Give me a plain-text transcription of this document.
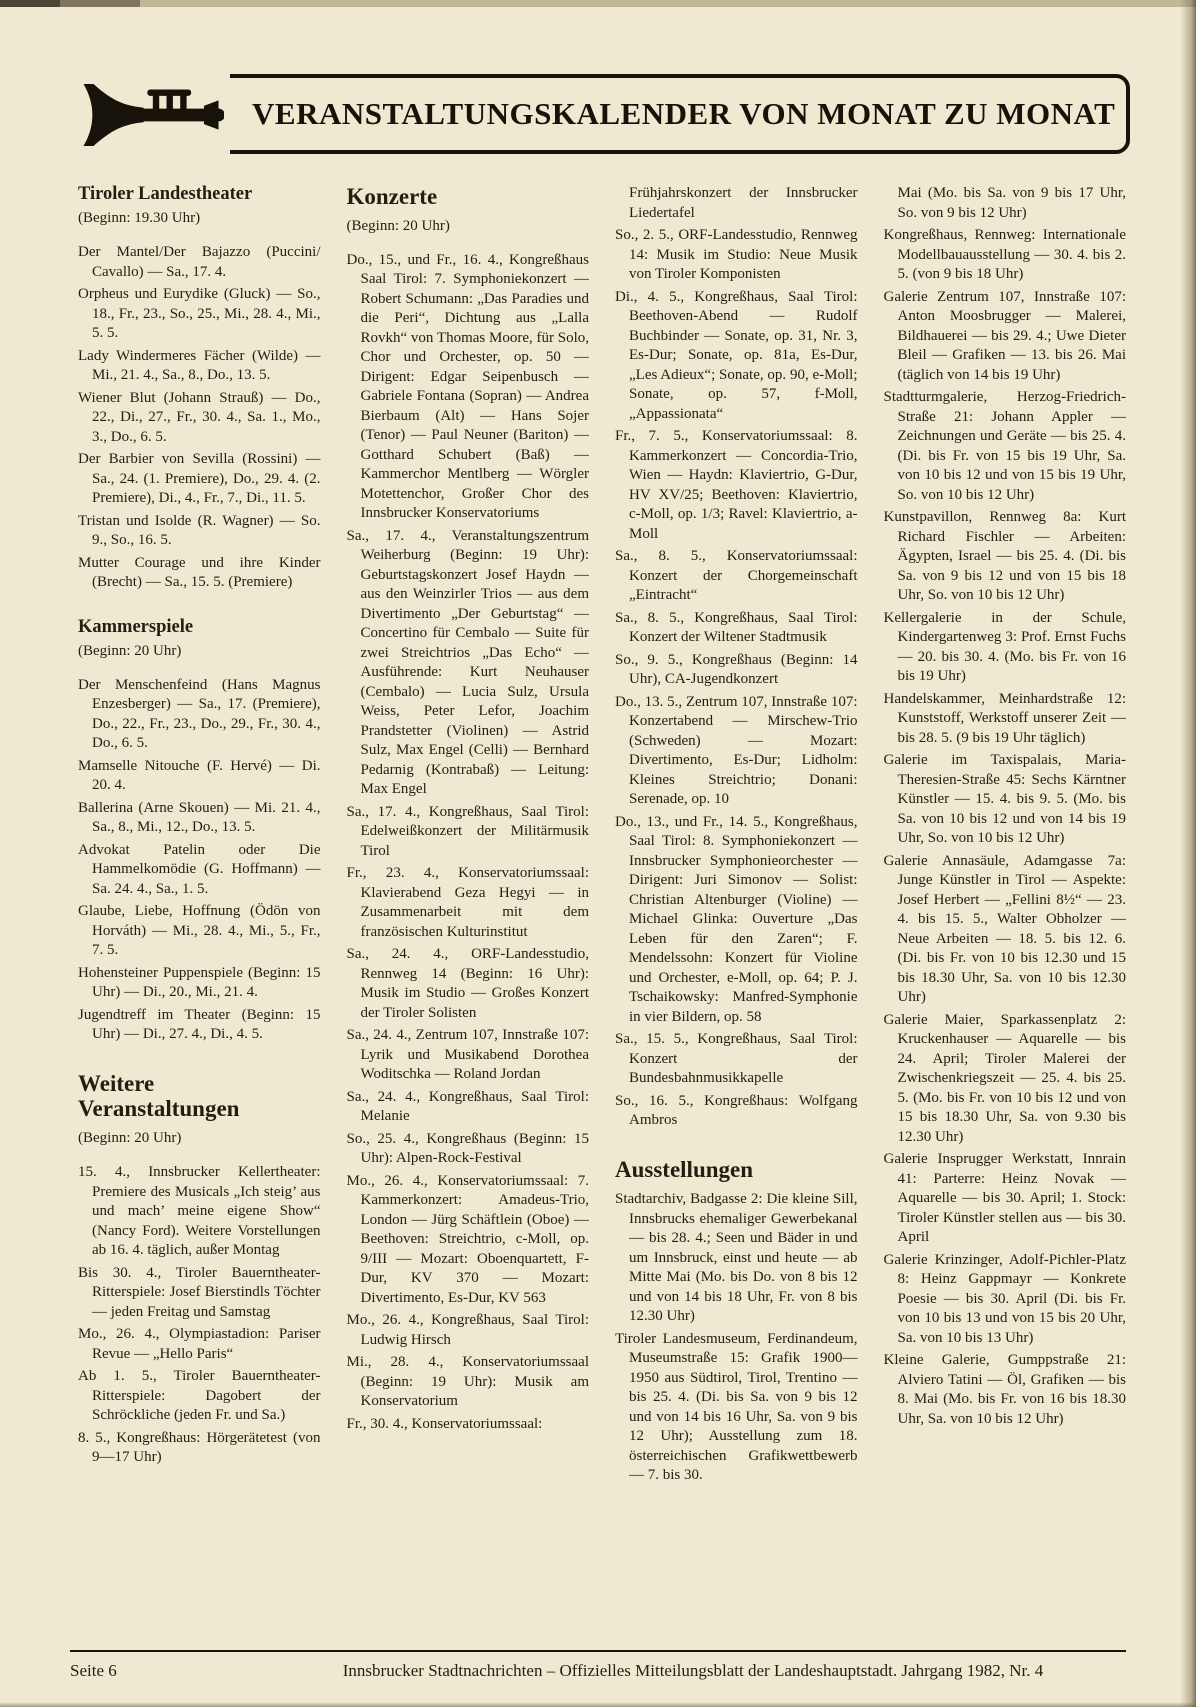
VERANSTALTUNGSKALENDER VON MONAT ZU MONAT
Tiroler Landestheater
(Beginn: 19.30 Uhr)

Der Mantel/Der Bajazzo (Puccini/ Cavallo) — Sa., 17. 4.

Orpheus und Eurydike (Gluck) — So., 18., Fr., 23., So., 25., Mi., 28. 4., Mi., 5. 5.

Lady Windermeres Fächer (Wilde) — Mi., 21. 4., Sa., 8., Do., 13. 5.

Wiener Blut (Johann Strauß) — Do., 22., Di., 27., Fr., 30. 4., Sa. 1., Mo., 3., Do., 6. 5.

Der Barbier von Sevilla (Rossini) — Sa., 24. (1. Premiere), Do., 29. 4. (2. Premiere), Di., 4., Fr., 7., Di., 11. 5.

Tristan und Isolde (R. Wagner) — So. 9., So., 16. 5.

Mutter Courage und ihre Kinder (Brecht) — Sa., 15. 5. (Premiere)

Kammerspiele
(Beginn: 20 Uhr)

Der Menschenfeind (Hans Magnus Enzesberger) — Sa., 17. (Premiere), Do., 22., Fr., 23., Do., 29., Fr., 30. 4., Do., 6. 5.

Mamselle Nitouche (F. Hervé) — Di. 20. 4.

Ballerina (Arne Skouen) — Mi. 21. 4., Sa., 8., Mi., 12., Do., 13. 5.

Advokat Patelin oder Die Hammelkomödie (G. Hoffmann) — Sa. 24. 4., Sa., 1. 5.

Glaube, Liebe, Hoffnung (Ödön von Horváth) — Mi., 28. 4., Mi., 5., Fr., 7. 5.

Hohensteiner Puppenspiele (Beginn: 15 Uhr) — Di., 20., Mi., 21. 4.

Jugendtreff im Theater (Beginn: 15 Uhr) — Di., 27. 4., Di., 4. 5.

Weitere Veranstaltungen
(Beginn: 20 Uhr)

15. 4., Innsbrucker Kellertheater: Premiere des Musicals „Ich steig’ aus und mach’ meine eigene Show“ (Nancy Ford). Weitere Vorstellungen ab 16. 4. täglich, außer Montag

Bis 30. 4., Tiroler Bauerntheater-Ritterspiele: Josef Bierstindls Töchter — jeden Freitag und Samstag

Mo., 26. 4., Olympiastadion: Pariser Revue — „Hello Paris“

Ab 1. 5., Tiroler Bauerntheater-Ritterspiele: Dagobert der Schröckliche (jeden Fr. und Sa.)

8. 5., Kongreßhaus: Hörgerätetest (von 9—17 Uhr)

Konzerte
(Beginn: 20 Uhr)

Do., 15., und Fr., 16. 4., Kongreßhaus Saal Tirol: 7. Symphoniekonzert — Robert Schumann: „Das Paradies und die Peri“, Dichtung aus „Lalla Rovkh“ von Thomas Moore, für Solo, Chor und Orchester, op. 50 — Dirigent: Edgar Seipenbusch — Gabriele Fontana (Sopran) — Andrea Bierbaum (Alt) — Hans Sojer (Tenor) — Paul Neuner (Bariton) — Gotthard Schubert (Baß) — Kammerchor Mentlberg — Wörgler Motettenchor, Großer Chor des Innsbrucker Konservatoriums

Sa., 17. 4., Veranstaltungszentrum Weiherburg (Beginn: 19 Uhr): Geburtstagskonzert Josef Haydn — aus den Weinzirler Trios — aus dem Divertimento „Der Geburtstag“ — Concertino für Cembalo — Suite für zwei Streichtrios „Das Echo“ — Ausführende: Kurt Neuhauser (Cembalo) — Lucia Sulz, Ursula Weiss, Peter Lefor, Joachim Prandstetter (Violinen) — Astrid Sulz, Max Engel (Celli) — Bernhard Pedarnig (Kontrabaß) — Leitung: Max Engel

Sa., 17. 4., Kongreßhaus, Saal Tirol: Edelweißkonzert der Militärmusik Tirol

Fr., 23. 4., Konservatoriumssaal: Klavierabend Geza Hegyi — in Zusammenarbeit mit dem französischen Kulturinstitut

Sa., 24. 4., ORF-Landesstudio, Rennweg 14 (Beginn: 16 Uhr): Musik im Studio — Großes Konzert der Tiroler Solisten

Sa., 24. 4., Zentrum 107, Innstraße 107: Lyrik und Musikabend Dorothea Woditschka — Roland Jordan

Sa., 24. 4., Kongreßhaus, Saal Tirol: Melanie

So., 25. 4., Kongreßhaus (Beginn: 15 Uhr): Alpen-Rock-Festival

Mo., 26. 4., Konservatoriumssaal: 7. Kammerkonzert: Amadeus-Trio, London — Jürg Schäftlein (Oboe) — Beethoven: Streichtrio, c-Moll, op. 9/III — Mozart: Oboenquartett, F-Dur, KV 370 — Mozart: Divertimento, Es-Dur, KV 563

Mo., 26. 4., Kongreßhaus, Saal Tirol: Ludwig Hirsch

Mi., 28. 4., Konservatoriumssaal (Beginn: 19 Uhr): Musik am Konservatorium

Fr., 30. 4., Konservatoriumssaal:

Frühjahrskonzert der Innsbrucker Liedertafel

So., 2. 5., ORF-Landesstudio, Rennweg 14: Musik im Studio: Neue Musik von Tiroler Komponisten

Di., 4. 5., Kongreßhaus, Saal Tirol: Beethoven-Abend — Rudolf Buchbinder — Sonate, op. 31, Nr. 3, Es-Dur; Sonate, op. 81a, Es-Dur, „Les Adieux“; Sonate, op. 90, e-Moll; Sonate, op. 57, f-Moll, „Appassionata“

Fr., 7. 5., Konservatoriumssaal: 8. Kammerkonzert — Concordia-Trio, Wien — Haydn: Klaviertrio, G-Dur, HV XV/25; Beethoven: Klaviertrio, c-Moll, op. 1/3; Ravel: Klaviertrio, a-Moll

Sa., 8. 5., Konservatoriumssaal: Konzert der Chorgemeinschaft „Eintracht“

Sa., 8. 5., Kongreßhaus, Saal Tirol: Konzert der Wiltener Stadtmusik

So., 9. 5., Kongreßhaus (Beginn: 14 Uhr), CA-Jugendkonzert

Do., 13. 5., Zentrum 107, Innstraße 107: Konzertabend — Mirschew-Trio (Schweden) — Mozart: Divertimento, Es-Dur; Lidholm: Kleines Streichtrio; Donani: Serenade, op. 10

Do., 13., und Fr., 14. 5., Kongreßhaus, Saal Tirol: 8. Symphoniekonzert — Innsbrucker Symphonieorchester — Dirigent: Juri Simonov — Solist: Christian Altenburger (Violine) — Michael Glinka: Ouverture „Das Leben für den Zaren“; F. Mendelssohn: Konzert für Violine und Orchester, e-Moll, op. 64; P. J. Tschaikowsky: Manfred-Symphonie in vier Bildern, op. 58

Sa., 15. 5., Kongreßhaus, Saal Tirol: Konzert der Bundesbahnmusikkapelle

So., 16. 5., Kongreßhaus: Wolfgang Ambros

Ausstellungen

Stadtarchiv, Badgasse 2: Die kleine Sill, Innsbrucks ehemaliger Gewerbekanal — bis 28. 4.; Seen und Bäder in und um Innsbruck, einst und heute — ab Mitte Mai (Mo. bis Do. von 8 bis 12 und von 14 bis 18 Uhr, Fr. von 8 bis 12.30 Uhr)

Tiroler Landesmuseum, Ferdinandeum, Museumstraße 15: Grafik 1900—1950 aus Südtirol, Tirol, Trentino — bis 25. 4. (Di. bis Sa. von 9 bis 12 und von 14 bis 16 Uhr, Sa. von 9 bis 12 Uhr); Ausstellung zum 18. österreichischen Grafikwettbewerb — 7. bis 30.

Mai (Mo. bis Sa. von 9 bis 17 Uhr, So. von 9 bis 12 Uhr)

Kongreßhaus, Rennweg: Internationale Modellbauausstellung — 30. 4. bis 2. 5. (von 9 bis 18 Uhr)

Galerie Zentrum 107, Innstraße 107: Anton Moosbrugger — Malerei, Bildhauerei — bis 29. 4.; Uwe Dieter Bleil — Grafiken — 13. bis 26. Mai (täglich von 14 bis 19 Uhr)

Stadtturmgalerie, Herzog-Friedrich-Straße 21: Johann Appler — Zeichnungen und Geräte — bis 25. 4. (Di. bis Fr. von 15 bis 19 Uhr, Sa. von 10 bis 12 und von 15 bis 19 Uhr, So. von 10 bis 12 Uhr)

Kunstpavillon, Rennweg 8a: Kurt Richard Fischler — Arbeiten: Ägypten, Israel — bis 25. 4. (Di. bis Sa. von 9 bis 12 und von 15 bis 18 Uhr, So. von 10 bis 12 Uhr)

Kellergalerie in der Schule, Kindergartenweg 3: Prof. Ernst Fuchs — 20. bis 30. 4. (Mo. bis Fr. von 16 bis 19 Uhr)

Handelskammer, Meinhardstraße 12: Kunststoff, Werkstoff unserer Zeit — bis 28. 5. (9 bis 19 Uhr täglich)

Galerie im Taxispalais, Maria-Theresien-Straße 45: Sechs Kärntner Künstler — 15. 4. bis 9. 5. (Mo. bis Sa. von 10 bis 12 und von 14 bis 19 Uhr, So. von 10 bis 12 Uhr)

Galerie Annasäule, Adamgasse 7a: Junge Künstler in Tirol — Aspekte: Josef Herbert — „Fellini 8½“ — 23. 4. bis 15. 5., Walter Obholzer — Neue Arbeiten — 18. 5. bis 12. 6. (Di. bis Fr. von 10 bis 12.30 und 15 bis 18.30 Uhr, Sa. von 10 bis 12.30 Uhr)

Galerie Maier, Sparkassenplatz 2: Kruckenhauser — Aquarelle — bis 24. April; Tiroler Malerei der Zwischenkriegszeit — 25. 4. bis 25. 5. (Mo. bis Fr. von 10 bis 12 und von 15 bis 18.30 Uhr, Sa. von 9.30 bis 12.30 Uhr)

Galerie Insprugger Werkstatt, Innrain 41: Parterre: Heinz Novak — Aquarelle — bis 30. April; 1. Stock: Tiroler Künstler stellen aus — bis 30. April

Galerie Krinzinger, Adolf-Pichler-Platz 8: Heinz Gappmayr — Konkrete Poesie — bis 30. April (Di. bis Fr. von 10 bis 13 und von 15 bis 20 Uhr, Sa. von 10 bis 13 Uhr)

Kleine Galerie, Gumppstraße 21: Alviero Tatini — Öl, Grafiken — bis 8. Mai (Mo. bis Fr. von 16 bis 18.30 Uhr, Sa. von 10 bis 12 Uhr)

Seite 6	Innsbrucker Stadtnachrichten – Offizielles Mitteilungsblatt der Landeshauptstadt. Jahrgang 1982, Nr. 4
